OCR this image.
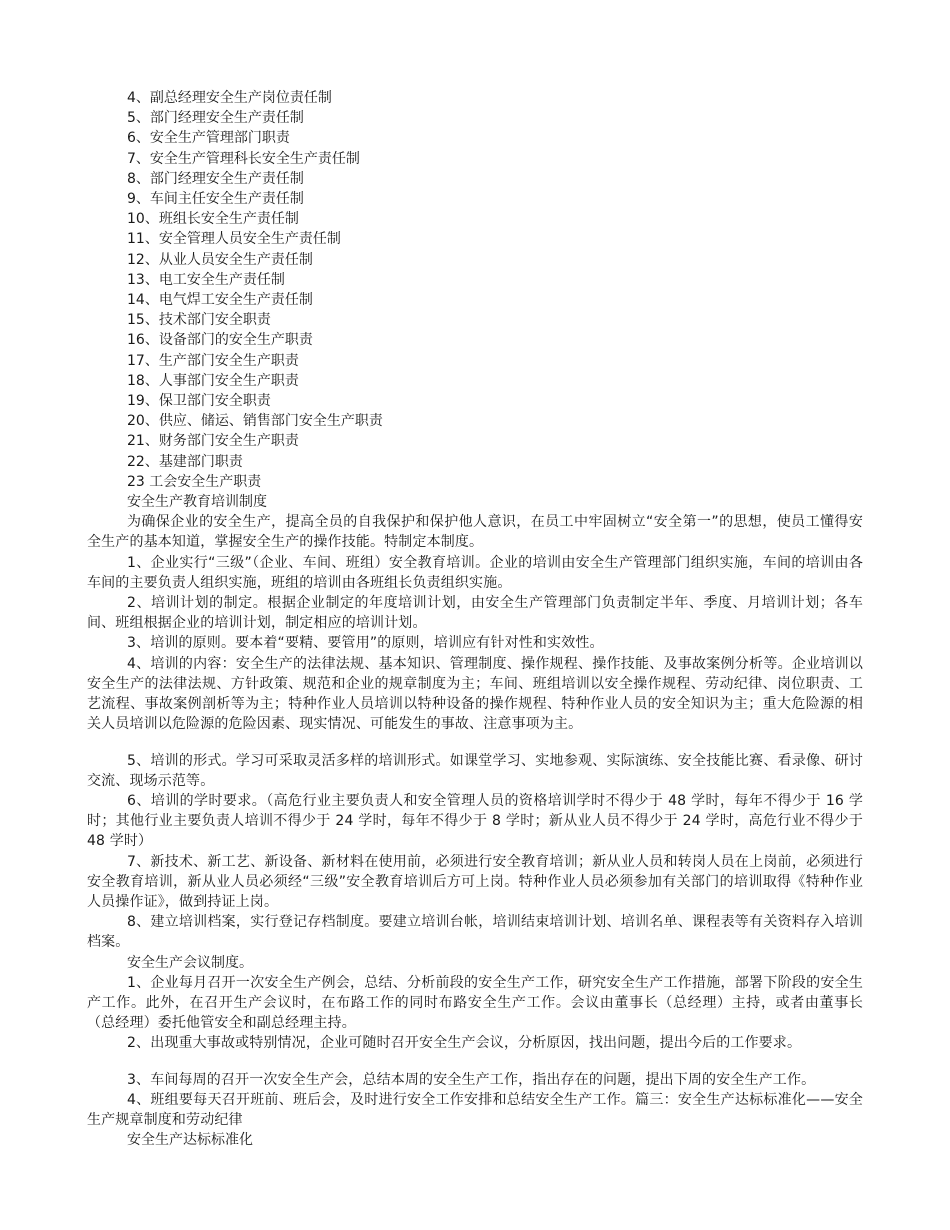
4、副总经理安全生产岗位责任制

5、部门经理安全生产责任制

6、安全生产管理部门职责

7、安全生产管理科长安全生产责任制

8、部门经理安全生产责任制

9、车间主任安全生产责任制

10、班组长安全生产责任制

11、安全管理人员安全生产责任制

12、从业人员安全生产责任制

13、电工安全生产责任制

14、电气焊工安全生产责任制

15、技术部门安全职责

16、设备部门的安全生产职责

17、生产部门安全生产职责

18、人事部门安全生产职责

19、保卫部门安全职责

20、供应、储运、销售部门安全生产职责

21、财务部门安全生产职责

22、基建部门职责

23 工会安全生产职责

安全生产教育培训制度

为确保企业的安全生产，提高全员的自我保护和保护他人意识，在员工中牢固树立“安全第一”的思想，使员工懂得安全生产的基本知道，掌握安全生产的操作技能。特制定本制度。

1、企业实行“三级”（企业、车间、班组）安全教育培训。企业的培训由安全生产管理部门组织实施，车间的培训由各车间的主要负责人组织实施，班组的培训由各班组长负责组织实施。

2、培训计划的制定。根据企业制定的年度培训计划，由安全生产管理部门负责制定半年、季度、月培训计划；各车间、班组根据企业的培训计划，制定相应的培训计划。

3、培训的原则。要本着“要精、要管用”的原则，培训应有针对性和实效性。

4、培训的内容：安全生产的法律法规、基本知识、管理制度、操作规程、操作技能、及事故案例分析等。企业培训以安全生产的法律法规、方针政策、规范和企业的规章制度为主；车间、班组培训以安全操作规程、劳动纪律、岗位职责、工艺流程、事故案例剖析等为主；特种作业人员培训以特种设备的操作规程、特种作业人员的安全知识为主；重大危险源的相关人员培训以危险源的危险因素、现实情况、可能发生的事故、注意事项为主。

5、培训的形式。学习可采取灵活多样的培训形式。如课堂学习、实地参观、实际演练、安全技能比赛、看录像、研讨交流、现场示范等。

6、培训的学时要求。（高危行业主要负责人和安全管理人员的资格培训学时不得少于 48 学时，每年不得少于 16 学时；其他行业主要负责人培训不得少于 24 学时，每年不得少于 8 学时；新从业人员不得少于 24 学时，高危行业不得少于 48 学时）

7、新技术、新工艺、新设备、新材料在使用前，必须进行安全教育培训；新从业人员和转岗人员在上岗前，必须进行安全教育培训，新从业人员必须经“三级”安全教育培训后方可上岗。特种作业人员必须参加有关部门的培训取得《特种作业人员操作证》，做到持证上岗。

8、建立培训档案，实行登记存档制度。要建立培训台帐，培训结束培训计划、培训名单、课程表等有关资料存入培训档案。

安全生产会议制度。

1、企业每月召开一次安全生产例会，总结、分析前段的安全生产工作，研究安全生产工作措施，部署下阶段的安全生产工作。此外，在召开生产会议时，在布路工作的同时布路安全生产工作。会议由董事长（总经理）主持，或者由董事长（总经理）委托他管安全和副总经理主持。

2、出现重大事故或特别情况，企业可随时召开安全生产会议，分析原因，找出问题，提出今后的工作要求。

3、车间每周的召开一次安全生产会，总结本周的安全生产工作，指出存在的问题，提出下周的安全生产工作。

4、班组要每天召开班前、班后会，及时进行安全工作安排和总结安全生产工作。篇三：安全生产达标标准化——安全生产规章制度和劳动纪律

安全生产达标标准化
